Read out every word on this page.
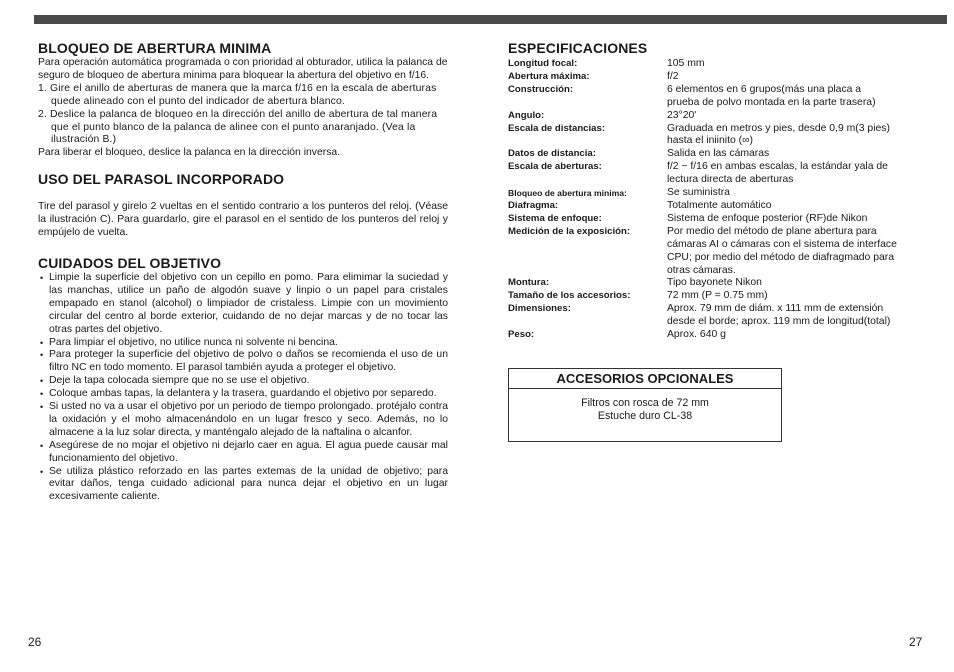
BLOQUEO DE ABERTURA MINIMA

Para operación automática programada o con prioridad al obturador, utilica la palanca de seguro de bloqueo de abertura minima para bloquear la abertura del objetivo en f/16.

1. Gire el anillo de aberturas de manera que la marca f/16 en la escala de aberturas quede alineado con el punto del indicador de abertura blanco.
2. Deslice la palanca de bloqueo en la dirección del anillo de abertura de tal manera que el punto blanco de la palanca de alinee con el punto anaranjado. (Vea la ilustración B.)

Para liberar el bloqueo, deslice la palanca en la dirección inversa.

USO DEL PARASOL INCORPORADO

Tire del parasol y girelo 2 vueltas en el sentido contrario a los punteros del reloj. (Véase la ilustración C). Para guardarlo, gire el parasol en el sentido de los punteros del reloj y empújelo de vuelta.

CUIDADOS DEL OBJETIVO
• Limpie la superficie del objetivo con un cepillo en pomo. Para elimimar la suciedad y las manchas, utilice un paño de algodón suave y linpio o un papel para cristales empapado en stanol (alcohol) o limpiador de cristaless. Limpie con un movimiento circular del centro al borde exterior, cuidando de no dejar marcas y de no tocar las otras partes del objetivo.
• Para limpiar el objetivo, no utilice nunca ni solvente ni bencina.
• Para proteger la superficie del objetivo de polvo o daños se recomienda el uso de un filtro NC en todo momento. El parasol también ayuda a proteger el objetivo.
• Deje la tapa colocada siempre que no se use el objetivo.
• Coloque ambas tapas, la delantera y la trasera, guardando el objetivo por separedo.
• Si usted no va a usar el objetivo por un periodo de tiempo prolongado. protéjalo contra la oxidación y el moho almacenándolo en un lugar fresco y seco. Además, no lo almacene a la luz solar directa, y manténgalo alejado de la naftalina o alcanfor.
• Asegúrese de no mojar el objetivo ni dejarlo caer en agua. El agua puede causar mal funcionamiento del objetivo.
• Se utiliza plástico reforzado en las partes extemas de la unidad de objetivo; para evitar daños, tenga cuidado adicional para nunca dejar el objetivo en un lugar excesivamente caliente.
ESPECIFICACIONES
Longitud focal:	105 mm
Abertura máxima:	f/2
Construcción:	6 elementos en 6 grupos(más una placa a
prueba de polvo montada en la parte trasera)
Angulo:	23°20'
Escala de distancias:	Graduada en metros y pies, desde 0,9 m(3 pies)
hasta el iniinito (∞)
Datos de distancia:	Salida en las cámaras
Escala de aberturas:	f/2 ~ f/16 en ambas escalas, la estándar yala de
lectura directa de aberturas
Bloqueo de abertura minima:	Se suministra
Diafragma:	Totalmente automático
Sistema de enfoque:	Sistema de enfoque posterior (RF)de Nikon
Medición de la exposición:	Por medio del método de plane abertura para
cámaras AI o cámaras con el sistema de interface
CPU; por medio del método de diafragmado para
otras cámaras.
Montura:	Tipo bayonete Nikon
Tamaño de los accesorios:	72 mm (P = 0.75 mm)
Dimensiones:	Aprox. 79 mm de diám. x 111 mm de extensión
desde el borde; aprox. 119 mm de longitud(total)
Peso:	Aprox. 640 g
ACCESORIOS OPCIONALES
Filtros con rosca de 72 mm
Estuche duro CL-38
26	27
